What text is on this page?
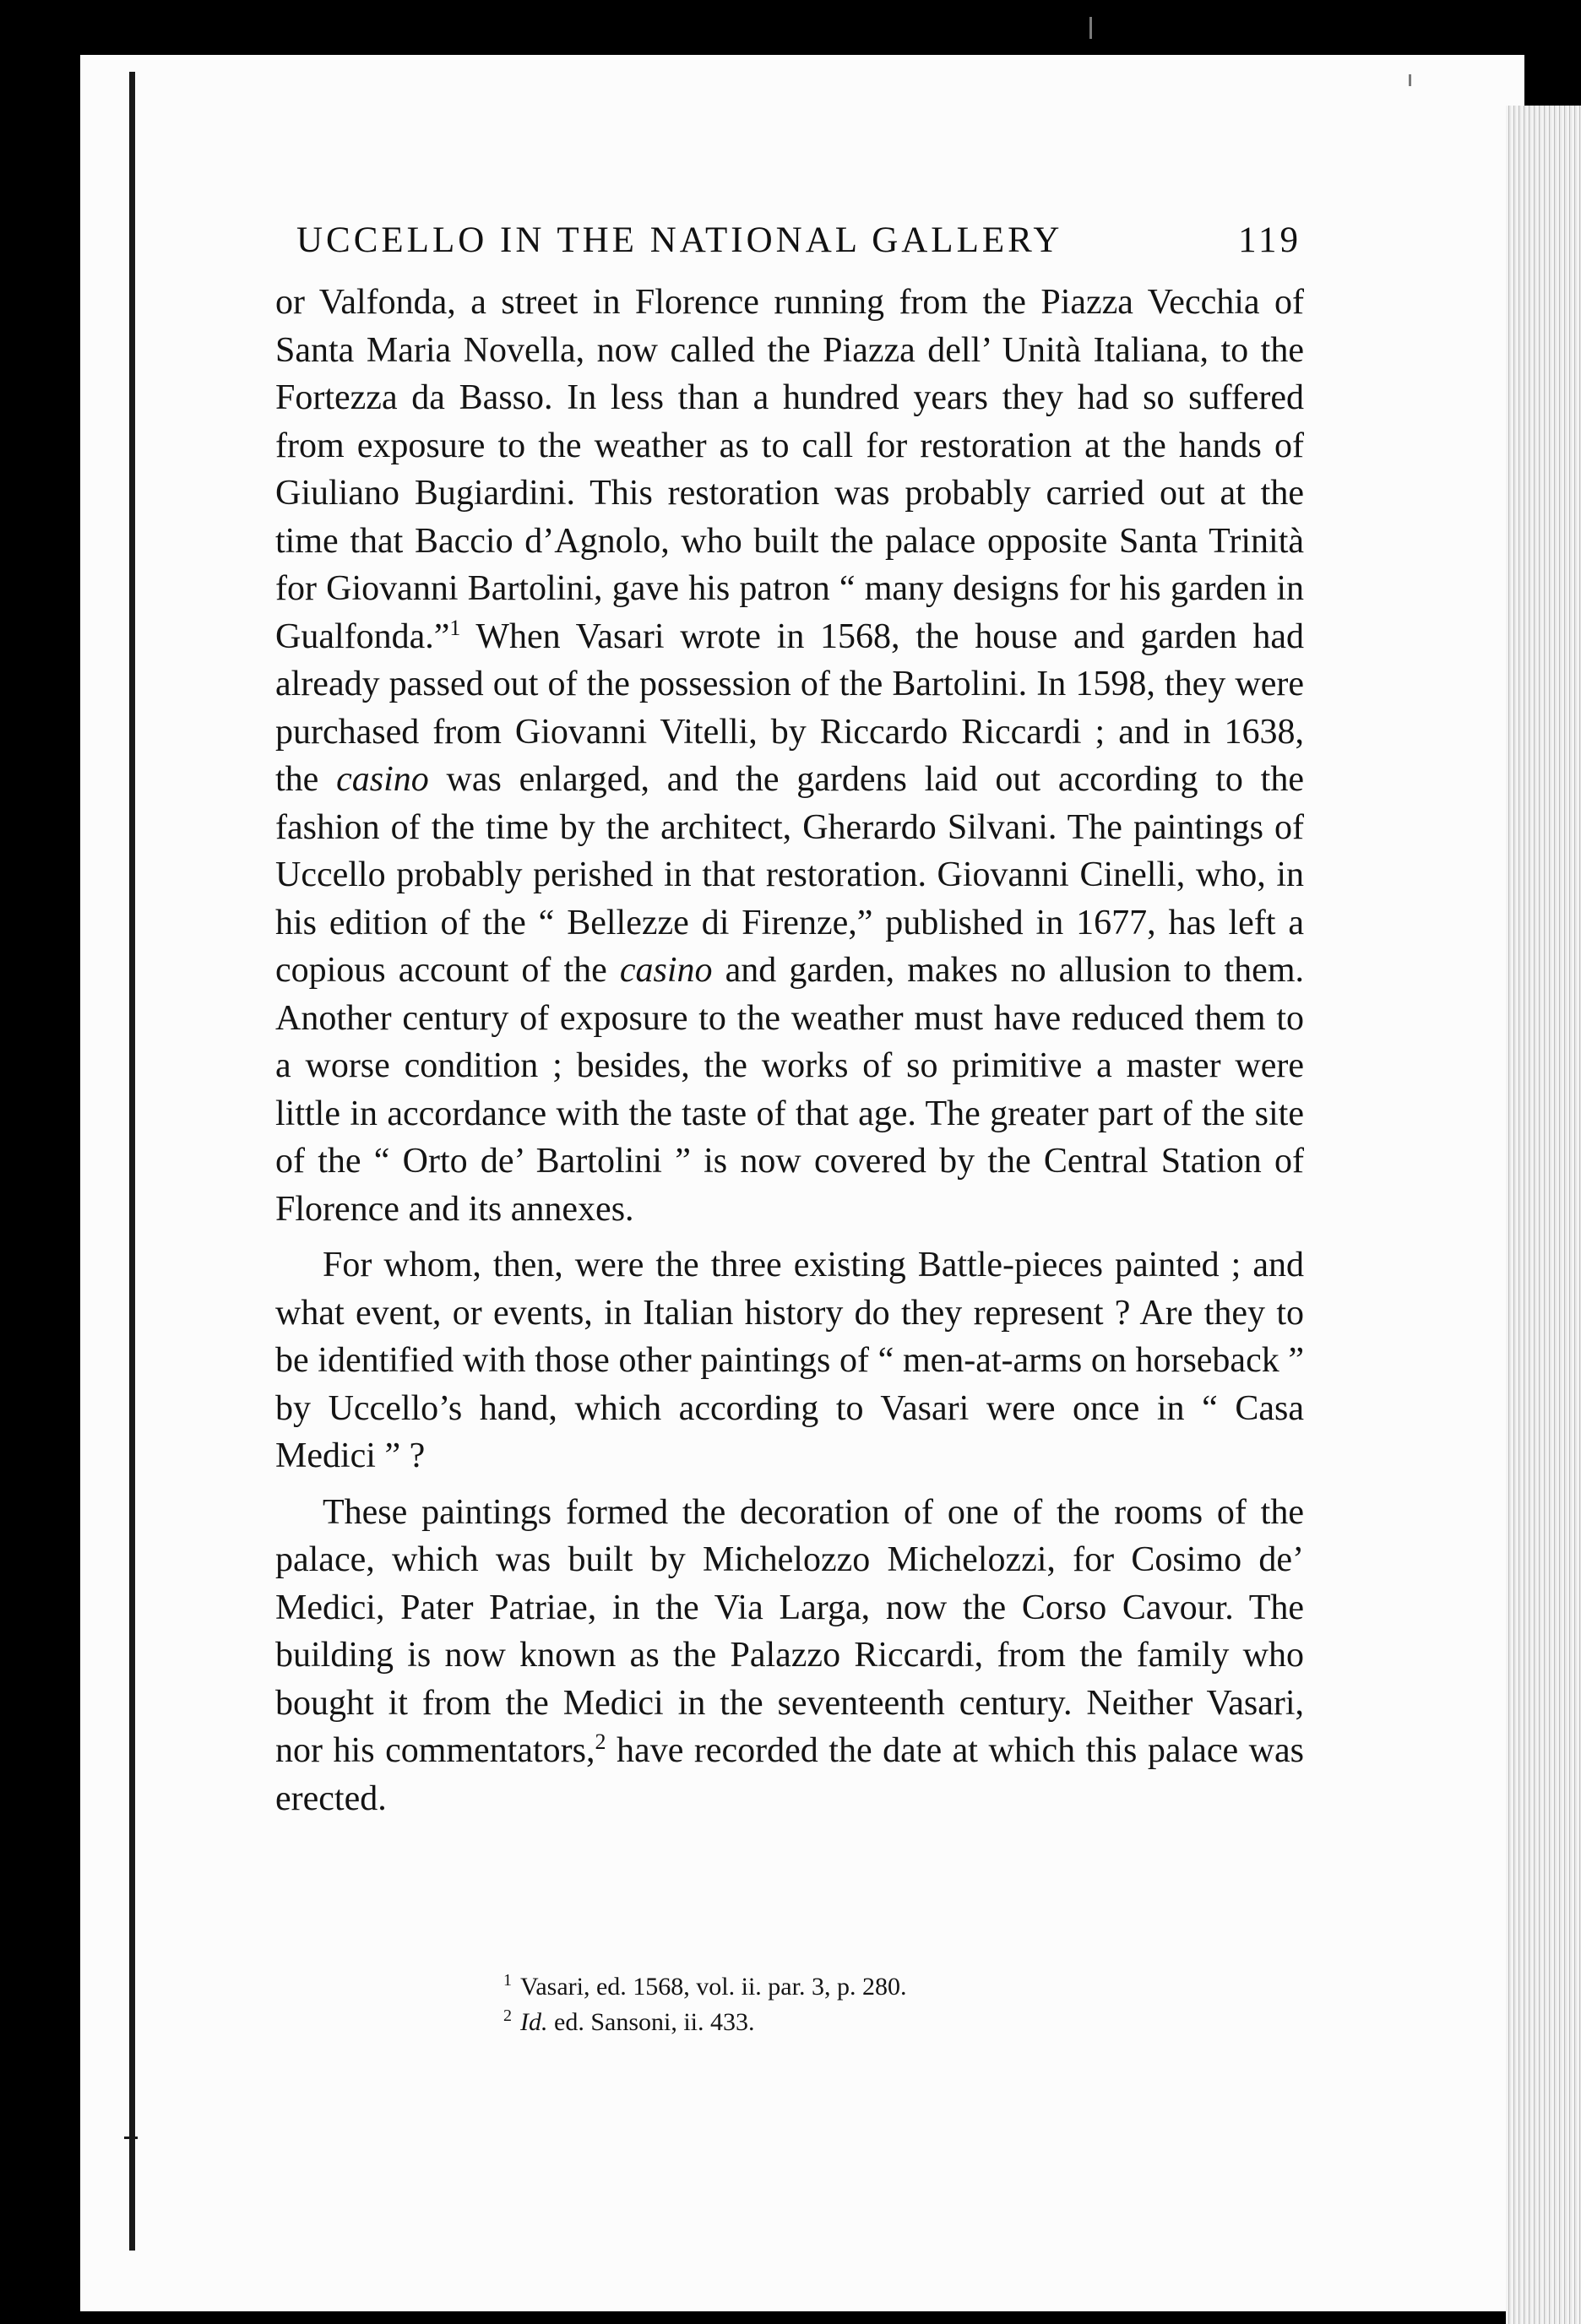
UCCELLO IN THE NATIONAL GALLERY	119

or Valfonda, a street in Florence running from the Piazza Vecchia of Santa Maria Novella, now called the Piazza dell’ Unità Italiana, to the Fortezza da Basso. In less than a hundred years they had so suffered from exposure to the weather as to call for restoration at the hands of Giuliano Bugiardini. This restoration was probably carried out at the time that Baccio d’Agnolo, who built the palace opposite Santa Trinità for Giovanni Bartolini, gave his patron “ many designs for his garden in Gualfonda.”$^1$ When Vasari wrote in 1568, the house and garden had already passed out of the possession of the Bartolini. In 1598, they were purchased from Giovanni Vitelli, by Riccardo Riccardi ; and in 1638, the casino was enlarged, and the gardens laid out according to the fashion of the time by the architect, Gherardo Silvani. The paintings of Uccello probably perished in that restoration. Giovanni Cinelli, who, in his edition of the “ Bellezze di Firenze,” published in 1677, has left a copious account of the casino and garden, makes no allusion to them. Another century of exposure to the weather must have reduced them to a worse condition ; besides, the works of so primitive a master were little in accordance with the taste of that age. The greater part of the site of the “ Orto de’ Bartolini ” is now covered by the Central Station of Florence and its annexes.

For whom, then, were the three existing Battle-pieces painted ; and what event, or events, in Italian history do they represent ? Are they to be identified with those other paintings of “ men-at-arms on horseback ” by Uccello’s hand, which according to Vasari were once in “ Casa Medici ” ?

These paintings formed the decoration of one of the rooms of the palace, which was built by Michelozzo Michelozzi, for Cosimo de’ Medici, Pater Patriae, in the Via Larga, now the Corso Cavour. The building is now known as the Palazzo Riccardi, from the family who bought it from the Medici in the seventeenth century. Neither Vasari, nor his commentators,$^2$ have recorded the date at which this palace was erected.

$^1$ Vasari, ed. 1568, vol. ii. par. 3, p. 280.
$^2$ Id. ed. Sansoni, ii. 433.
